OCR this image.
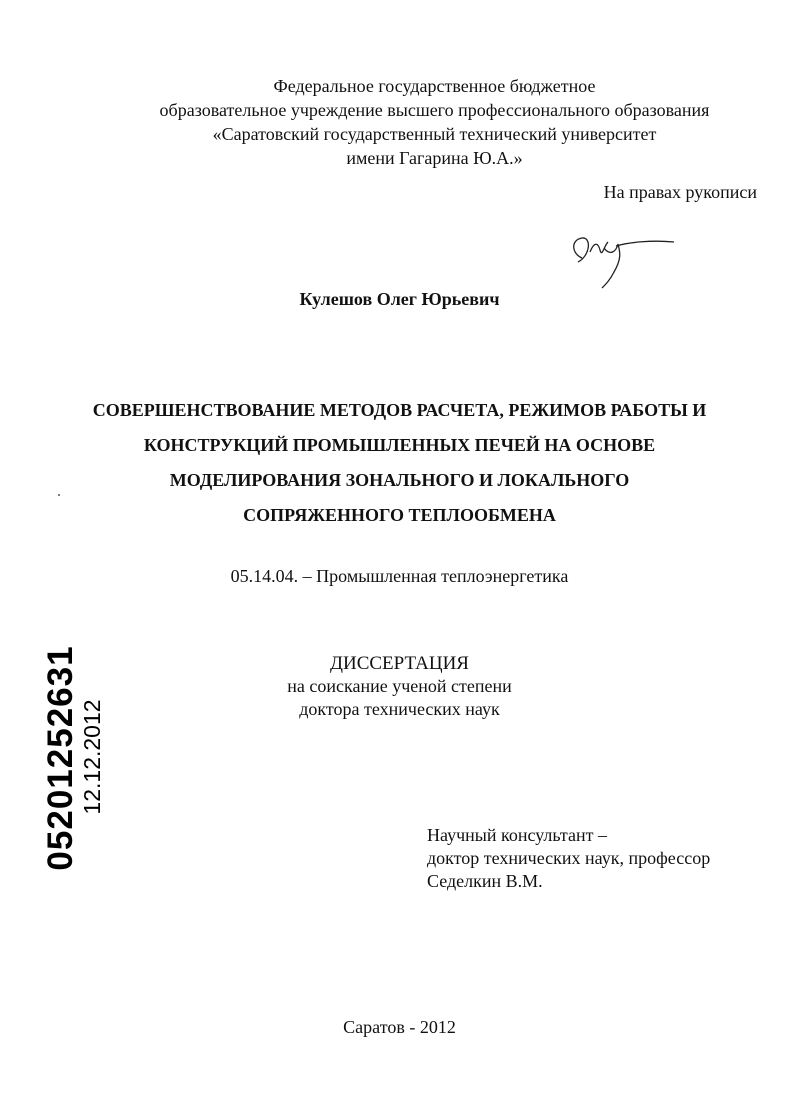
Федеральное государственное бюджетное
образовательное учреждение высшего профессионального образования
«Саратовский государственный технический университет
имени Гагарина Ю.А.»
На правах рукописи
Кулешов Олег Юрьевич
СОВЕРШЕНСТВОВАНИЕ МЕТОДОВ РАСЧЕТА, РЕЖИМОВ РАБОТЫ И
КОНСТРУКЦИЙ ПРОМЫШЛЕННЫХ ПЕЧЕЙ НА ОСНОВЕ
МОДЕЛИРОВАНИЯ ЗОНАЛЬНОГО И ЛОКАЛЬНОГО
СОПРЯЖЕННОГО ТЕПЛООБМЕНА
05.14.04. – Промышленная теплоэнергетика
ДИССЕРТАЦИЯ
на соискание ученой степени
доктора технических наук
05201252631 12.12.2012
Научный консультант –
доктор технических наук, профессор
Седелкин В.М.
Саратов - 2012
